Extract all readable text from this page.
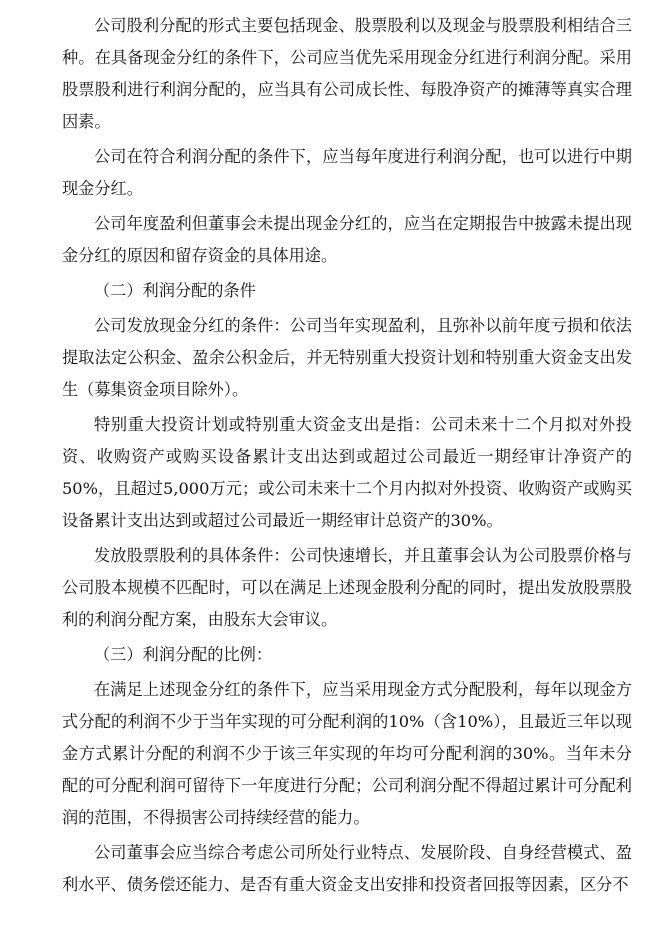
公司股利分配的形式主要包括现金、股票股利以及现金与股票股利相结合三种。在具备现金分红的条件下，公司应当优先采用现金分红进行利润分配。采用股票股利进行利润分配的，应当具有公司成长性、每股净资产的摊薄等真实合理因素。

公司在符合利润分配的条件下，应当每年度进行利润分配，也可以进行中期现金分红。

公司年度盈利但董事会未提出现金分红的，应当在定期报告中披露未提出现金分红的原因和留存资金的具体用途。

（二）利润分配的条件

公司发放现金分红的条件：公司当年实现盈利，且弥补以前年度亏损和依法提取法定公积金、盈余公积金后，并无特别重大投资计划和特别重大资金支出发生（募集资金项目除外）。

特别重大投资计划或特别重大资金支出是指：公司未来十二个月拟对外投资、收购资产或购买设备累计支出达到或超过公司最近一期经审计净资产的50%，且超过5,000万元；或公司未来十二个月内拟对外投资、收购资产或购买设备累计支出达到或超过公司最近一期经审计总资产的30%。

发放股票股利的具体条件：公司快速增长，并且董事会认为公司股票价格与公司股本规模不匹配时，可以在满足上述现金股利分配的同时，提出发放股票股利的利润分配方案，由股东大会审议。

（三）利润分配的比例：

在满足上述现金分红的条件下，应当采用现金方式分配股利，每年以现金方式分配的利润不少于当年实现的可分配利润的10%（含10%），且最近三年以现金方式累计分配的利润不少于该三年实现的年均可分配利润的30%。当年未分配的可分配利润可留待下一年度进行分配；公司利润分配不得超过累计可分配利润的范围，不得损害公司持续经营的能力。

公司董事会应当综合考虑公司所处行业特点、发展阶段、自身经营模式、盈利水平、债务偿还能力、是否有重大资金支出安排和投资者回报等因素，区分不
